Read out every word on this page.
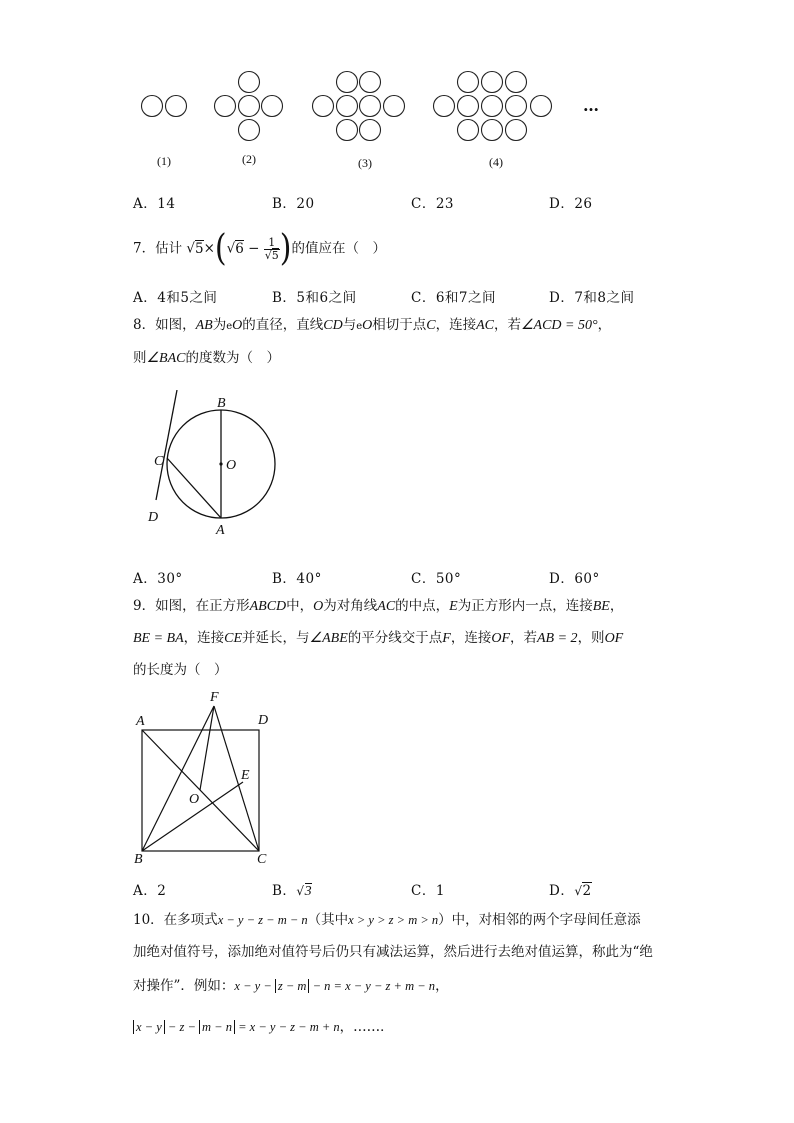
…
(1)	(2)	(3)	(4)
A．14	B．20	C．23	D．26
7．估计 $√5\times(√6 - \frac{1}{√5}$ )的值应在（　）
A．4和5之间	B．5和6之间	C．6和7之间	D．7和8之间
8．如图，AB为eO的直径，直线CD与eO相切于点C，连接AC，若∠ACD = 50°，
则∠BAC的度数为（　）
B
C	O
D
A
A．30°	B．40°	C．50°	D．60°
9．如图，在正方形ABCD中，O为对角线AC的中点，E为正方形内一点，连接BE，
BE = BA，连接CE并延长，与∠ABE的平分线交于点F，连接OF，若AB = 2，则OF
的长度为（　）
F
A	D
E
O
B	C
A．2	B．√3	C．1	D．√2
10．在多项式x − y − z − m − n（其中x > y > z > m > n）中，对相邻的两个字母间任意添
加绝对值符号，添加绝对值符号后仍只有减法运算，然后进行去绝对值运算，称此为“绝
对操作”．例如：x − y − z − m − n = x − y − z + m − n，
x − y − z − m − n = x − y − z − m + n，……．
